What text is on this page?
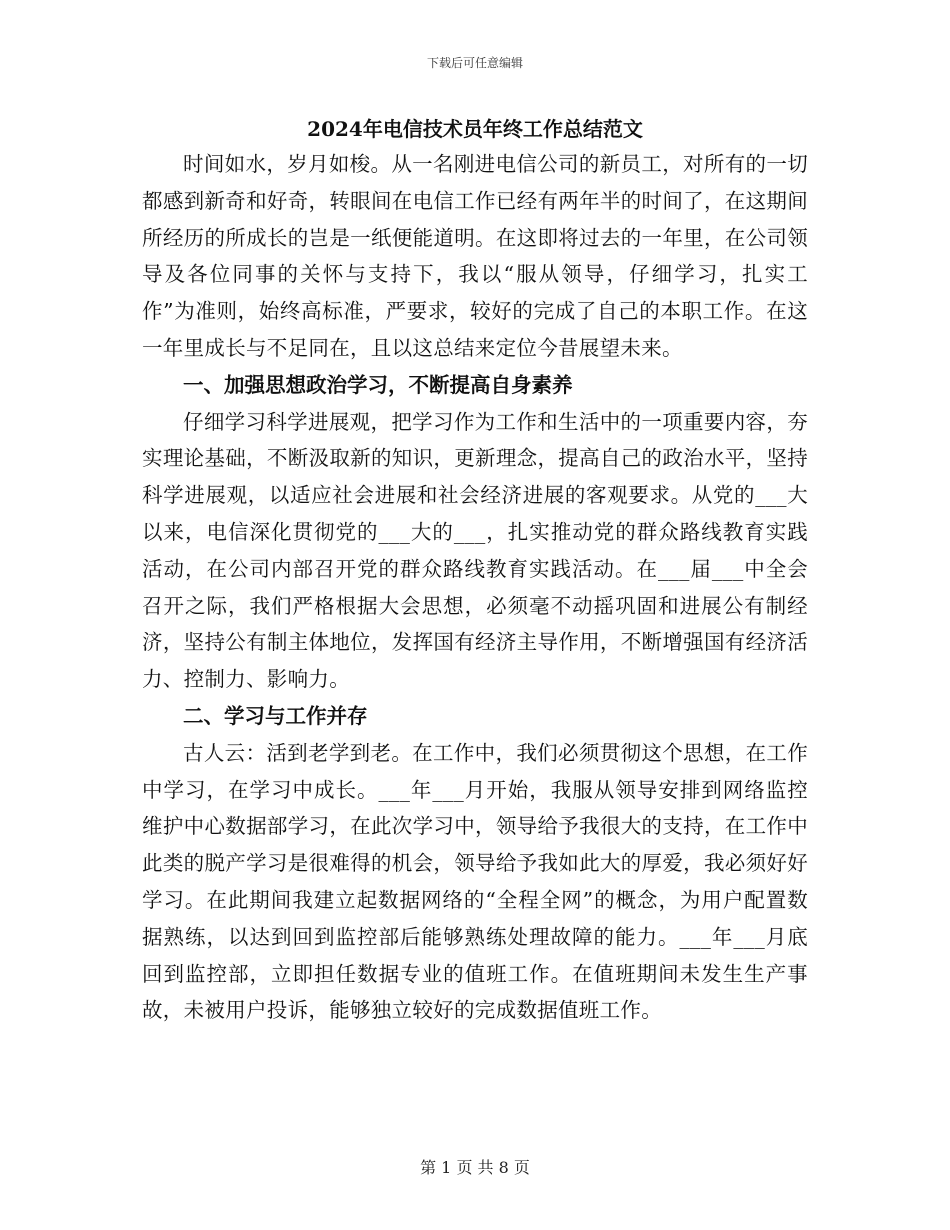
下载后可任意编辑
2024年电信技术员年终工作总结范文

时间如水，岁月如梭。从一名刚进电信公司的新员工，对所有的一切都感到新奇和好奇，转眼间在电信工作已经有两年半的时间了，在这期间所经历的所成长的岂是一纸便能道明。在这即将过去的一年里，在公司领导及各位同事的关怀与支持下，我以“服从领导，仔细学习，扎实工作”为准则，始终高标准，严要求，较好的完成了自己的本职工作。在这一年里成长与不足同在，且以这总结来定位今昔展望未来。

一、加强思想政治学习，不断提高自身素养

仔细学习科学进展观，把学习作为工作和生活中的一项重要内容，夯实理论基础，不断汲取新的知识，更新理念，提高自己的政治水平，坚持科学进展观，以适应社会进展和社会经济进展的客观要求。从党的___大以来，电信深化贯彻党的___大的___，扎实推动党的群众路线教育实践活动，在公司内部召开党的群众路线教育实践活动。在___届___中全会召开之际，我们严格根据大会思想，必须毫不动摇巩固和进展公有制经济，坚持公有制主体地位，发挥国有经济主导作用，不断增强国有经济活力、控制力、影响力。

二、学习与工作并存

古人云：活到老学到老。在工作中，我们必须贯彻这个思想，在工作中学习，在学习中成长。___年___月开始，我服从领导安排到网络监控维护中心数据部学习，在此次学习中，领导给予我很大的支持，在工作中此类的脱产学习是很难得的机会，领导给予我如此大的厚爱，我必须好好学习。在此期间我建立起数据网络的“全程全网”的概念，为用户配置数据熟练，以达到回到监控部后能够熟练处理故障的能力。___年___月底回到监控部，立即担任数据专业的值班工作。在值班期间未发生生产事故，未被用户投诉，能够独立较好的完成数据值班工作。

第 1 页 共 8 页
